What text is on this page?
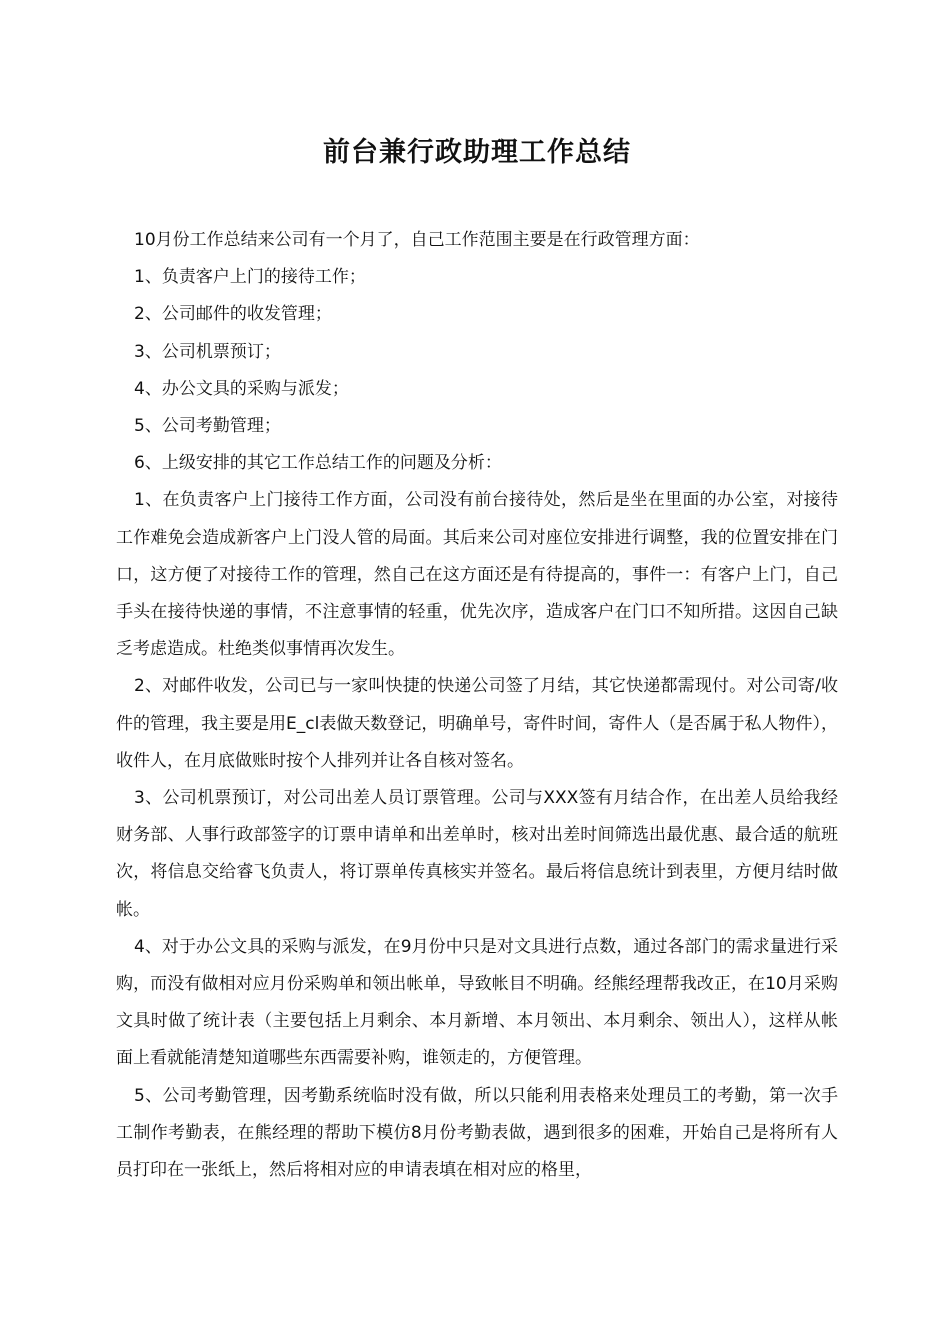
前台兼行政助理工作总结

10月份工作总结来公司有一个月了，自己工作范围主要是在行政管理方面：

1、负责客户上门的接待工作；

2、公司邮件的收发管理；

3、公司机票预订；

4、办公文具的采购与派发；

5、公司考勤管理；

6、上级安排的其它工作总结工作的问题及分析：

1、在负责客户上门接待工作方面，公司没有前台接待处，然后是坐在里面的办公室，对接待工作难免会造成新客户上门没人管的局面。其后来公司对座位安排进行调整，我的位置安排在门口，这方便了对接待工作的管理，然自己在这方面还是有待提高的，事件一：有客户上门，自己手头在接待快递的事情，不注意事情的轻重，优先次序，造成客户在门口不知所措。这因自己缺乏考虑造成。杜绝类似事情再次发生。

2、对邮件收发，公司已与一家叫快捷的快递公司签了月结，其它快递都需现付。对公司寄/收件的管理，我主要是用E_cl表做天数登记，明确单号，寄件时间，寄件人（是否属于私人物件），收件人，在月底做账时按个人排列并让各自核对签名。

3、公司机票预订，对公司出差人员订票管理。公司与XXX签有月结合作，在出差人员给我经财务部、人事行政部签字的订票申请单和出差单时，核对出差时间筛选出最优惠、最合适的航班次，将信息交给睿飞负责人，将订票单传真核实并签名。最后将信息统计到表里，方便月结时做帐。

4、对于办公文具的采购与派发，在9月份中只是对文具进行点数，通过各部门的需求量进行采购，而没有做相对应月份采购单和领出帐单，导致帐目不明确。经熊经理帮我改正，在10月采购文具时做了统计表（主要包括上月剩余、本月新增、本月领出、本月剩余、领出人），这样从帐面上看就能清楚知道哪些东西需要补购，谁领走的，方便管理。

5、公司考勤管理，因考勤系统临时没有做，所以只能利用表格来处理员工的考勤，第一次手工制作考勤表，在熊经理的帮助下模仿8月份考勤表做，遇到很多的困难，开始自己是将所有人员打印在一张纸上，然后将相对应的申请表填在相对应的格里，
